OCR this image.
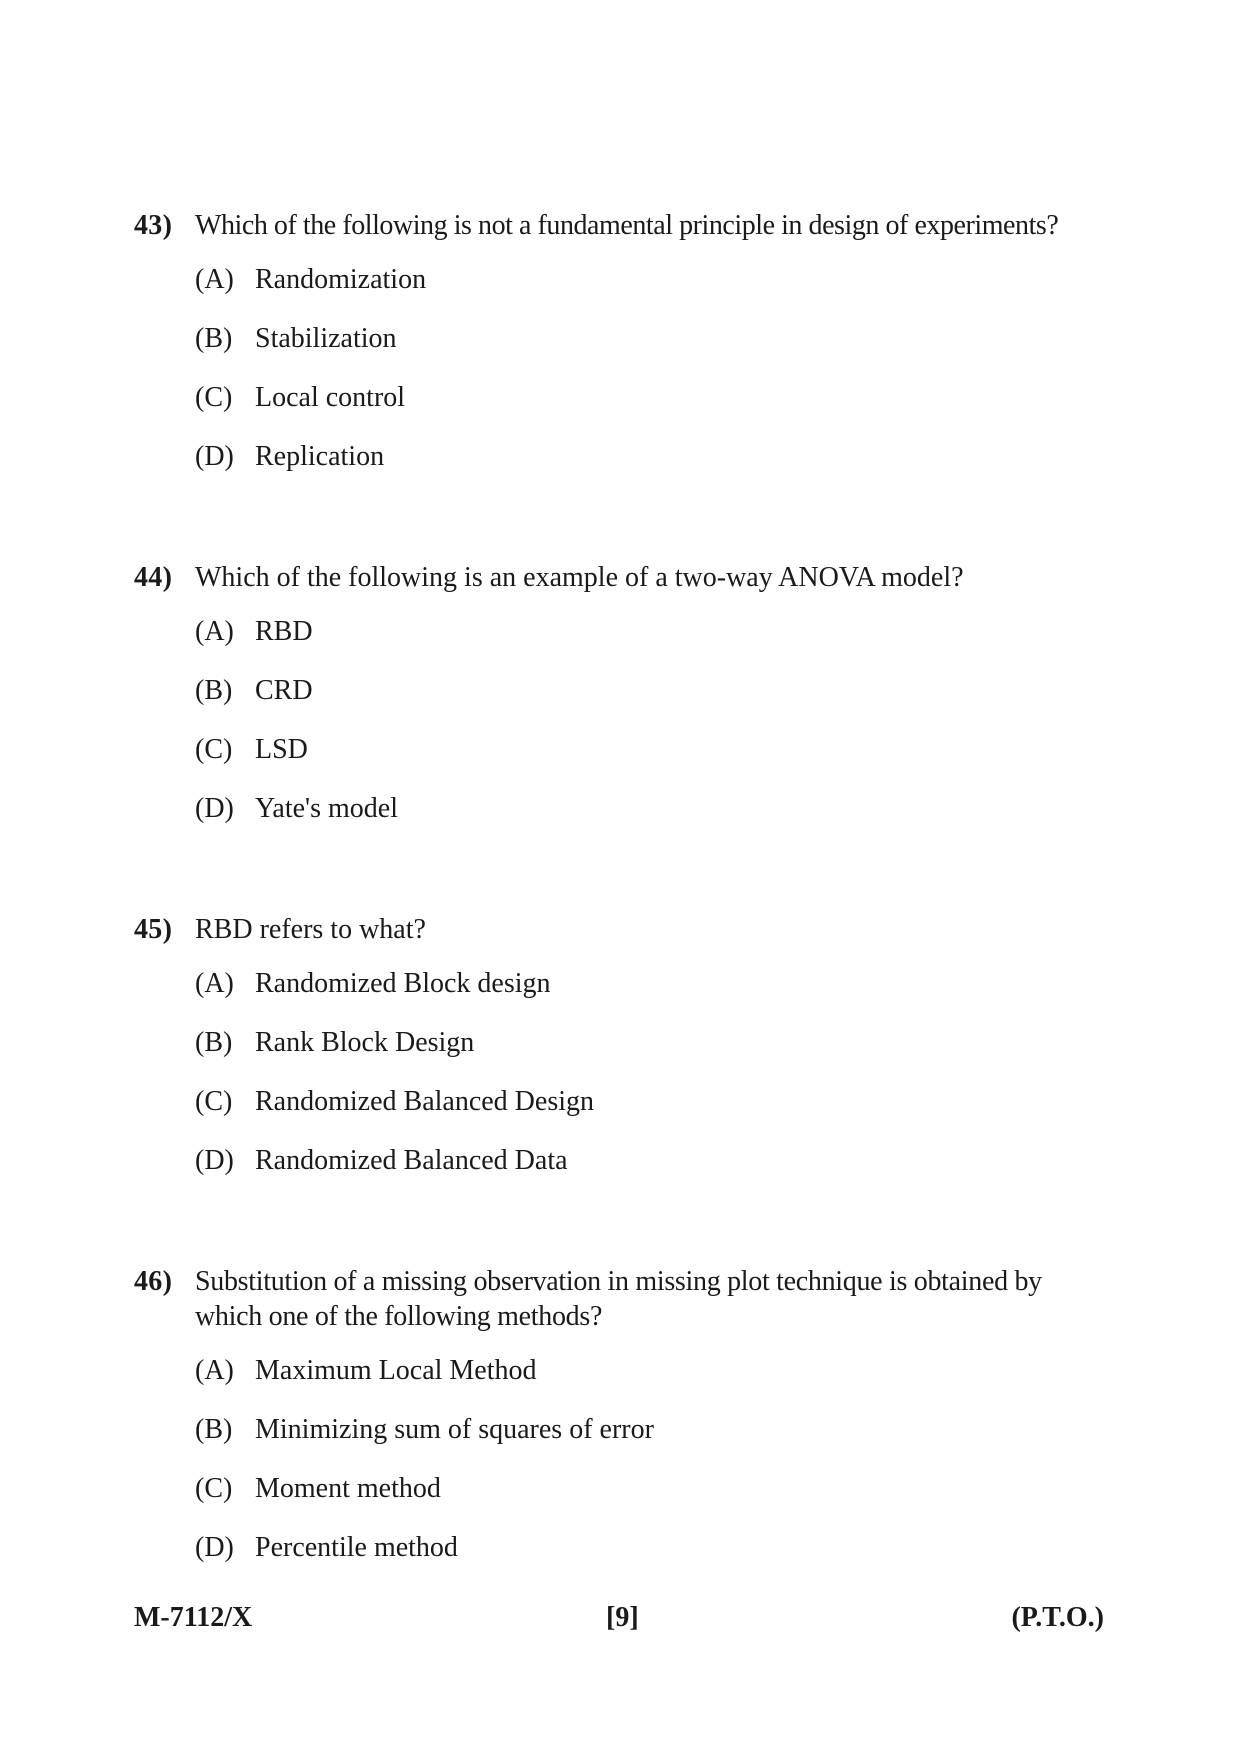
43) Which of the following is not a fundamental principle in design of experiments?
(A) Randomization
(B) Stabilization
(C) Local control
(D) Replication
44) Which of the following is an example of a two-way ANOVA model?
(A) RBD
(B) CRD
(C) LSD
(D) Yate's model
45) RBD refers to what?
(A) Randomized Block design
(B) Rank Block Design
(C) Randomized Balanced Design
(D) Randomized Balanced Data
46) Substitution of a missing observation in missing plot technique is obtained by which one of the following methods?
(A) Maximum Local Method
(B) Minimizing sum of squares of error
(C) Moment method
(D) Percentile method
M-7112/X	[9]	(P.T.O.)
